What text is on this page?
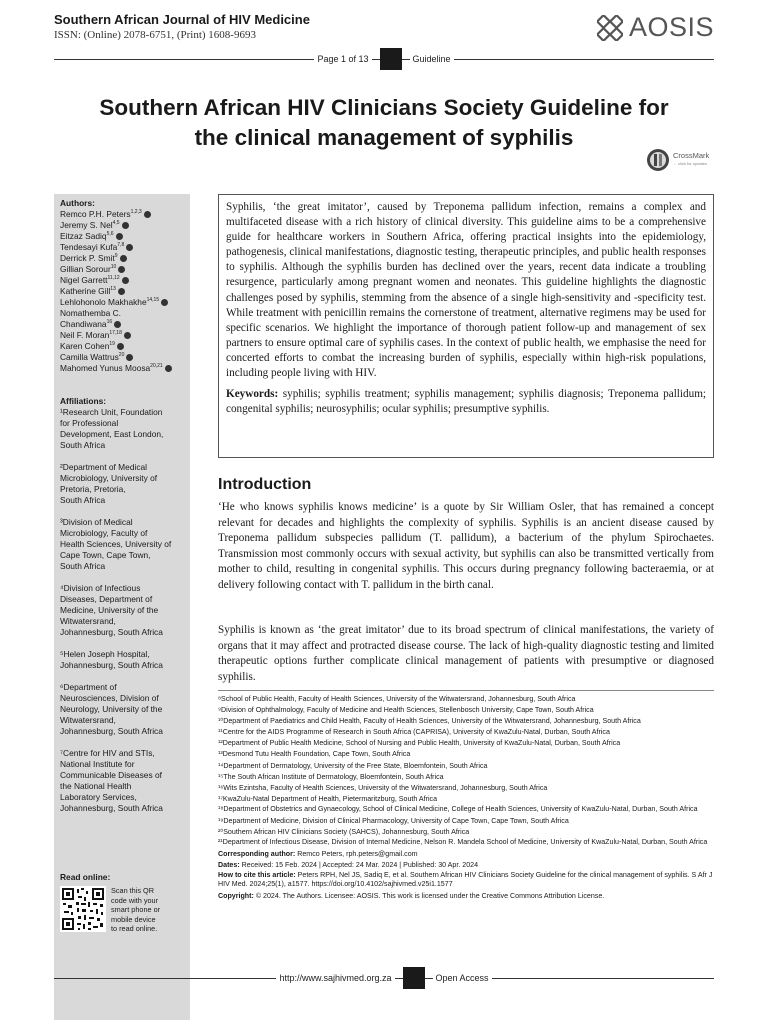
Southern African Journal of HIV Medicine
ISSN: (Online) 2078-6751, (Print) 1608-9693	AOSIS
Page 1 of 13	Guideline
Southern African HIV Clinicians Society Guideline for
the clinical management of syphilis
CrossMark
← click for updates
Authors:
Remco P.H. Peters$^{1,2,3}$
Jeremy S. Nel$^{4,5}$
Eitzaz Sadiq$^{5,6}$
Tendesayi Kufa$^{7,8}$
Derrick P. Smit$^9$
Gillian Sorour$^{10}$
Nigel Garrett$^{11,12}$
Katherine Gill$^{13}$
Lehlohonolo Makhakhe$^{14,15}$
Nomathemba C.
Chandiwana$^{16}$
Neil F. Moran$^{17,18}$
Karen Cohen$^{19}$
Camilla Wattrus$^{20}$
Mahomed Yunus Moosa$^{20,21}$
Affiliations:
¹Research Unit, Foundation
for Professional
Development, East London,
South Africa
²Department of Medical
Microbiology, University of
Pretoria, Pretoria,
South Africa
³Division of Medical
Microbiology, Faculty of
Health Sciences, University of
Cape Town, Cape Town,
South Africa
⁴Division of Infectious
Diseases, Department of
Medicine, University of the
Witwatersrand,
Johannesburg, South Africa
⁵Helen Joseph Hospital,
Johannesburg, South Africa
⁶Department of
Neurosciences, Division of
Neurology, University of the
Witwatersrand,
Johannesburg, South Africa
⁷Centre for HIV and STIs,
National Institute for
Communicable Diseases of
the National Health
Laboratory Services,
Johannesburg, South Africa
Read online:
Scan this QR
code with your
smart phone or
mobile device
to read online.
Syphilis, ‘the great imitator’, caused by Treponema pallidum infection, remains a complex and multifaceted disease with a rich history of clinical diversity. This guideline aims to be a comprehensive guide for healthcare workers in Southern Africa, offering practical insights into the epidemiology, pathogenesis, clinical manifestations, diagnostic testing, therapeutic principles, and public health responses to syphilis. Although the syphilis burden has declined over the years, recent data indicate a troubling resurgence, particularly among pregnant women and neonates. This guideline highlights the diagnostic challenges posed by syphilis, stemming from the absence of a single high-sensitivity and -specificity test. While treatment with penicillin remains the cornerstone of treatment, alternative regimens may be used for specific scenarios. We highlight the importance of thorough patient follow-up and management of sex partners to ensure optimal care of syphilis cases. In the context of public health, we emphasise the need for concerted efforts to combat the increasing burden of syphilis, especially within high-risk populations, including people living with HIV.
Keywords: syphilis; syphilis treatment; syphilis management; syphilis diagnosis; Treponema pallidum; congenital syphilis; neurosyphilis; ocular syphilis; presumptive syphilis.
Introduction
‘He who knows syphilis knows medicine’ is a quote by Sir William Osler, that has remained a concept relevant for decades and highlights the complexity of syphilis. Syphilis is an ancient disease caused by Treponema pallidum subspecies pallidum (T. pallidum), a bacterium of the phylum Spirochaetes. Transmission most commonly occurs with sexual activity, but syphilis can also be transmitted vertically from mother to child, resulting in congenital syphilis. This occurs during pregnancy following bacteraemia, or at delivery following contact with T. pallidum in the birth canal.
Syphilis is known as ‘the great imitator’ due to its broad spectrum of clinical manifestations, the variety of organs that it may affect and protracted disease course. The lack of high-quality diagnostic testing and limited therapeutic options further complicate clinical management of patients with presumptive or diagnosed syphilis.
⁸School of Public Health, Faculty of Health Sciences, University of the Witwatersrand, Johannesburg, South Africa
⁹Division of Ophthalmology, Faculty of Medicine and Health Sciences, Stellenbosch University, Cape Town, South Africa
¹⁰Department of Paediatrics and Child Health, Faculty of Health Sciences, University of the Witwatersrand, Johannesburg, South Africa
¹¹Centre for the AIDS Programme of Research in South Africa (CAPRISA), University of KwaZulu-Natal, Durban, South Africa
¹²Department of Public Health Medicine, School of Nursing and Public Health, University of KwaZulu-Natal, Durban, South Africa
¹³Desmond Tutu Health Foundation, Cape Town, South Africa
¹⁴Department of Dermatology, University of the Free State, Bloemfontein, South Africa
¹⁵The South African Institute of Dermatology, Bloemfontein, South Africa
¹⁶Wits Ezintsha, Faculty of Health Sciences, University of the Witwatersrand, Johannesburg, South Africa
¹⁷KwaZulu-Natal Department of Health, Pietermaritzburg, South Africa
¹⁸Department of Obstetrics and Gynaecology, School of Clinical Medicine, College of Health Sciences, University of KwaZulu-Natal, Durban, South Africa
¹⁹Department of Medicine, Division of Clinical Pharmacology, University of Cape Town, Cape Town, South Africa
²⁰Southern African HIV Clinicians Society (SAHCS), Johannesburg, South Africa
²¹Department of Infectious Disease, Division of Internal Medicine, Nelson R. Mandela School of Medicine, University of KwaZulu-Natal, Durban, South Africa
Corresponding author: Remco Peters, rph.peters@gmail.com
Dates: Received: 15 Feb. 2024 | Accepted: 24 Mar. 2024 | Published: 30 Apr. 2024
How to cite this article: Peters RPH, Nel JS, Sadiq E, et al. Southern African HIV Clinicians Society Guideline for the clinical management of syphilis. S Afr J HIV Med. 2024;25(1), a1577. https://doi.org/10.4102/sajhivmed.v25i1.1577
Copyright: © 2024. The Authors. Licensee: AOSIS. This work is licensed under the Creative Commons Attribution License.
http://www.sajhivmed.org.za	Open Access
